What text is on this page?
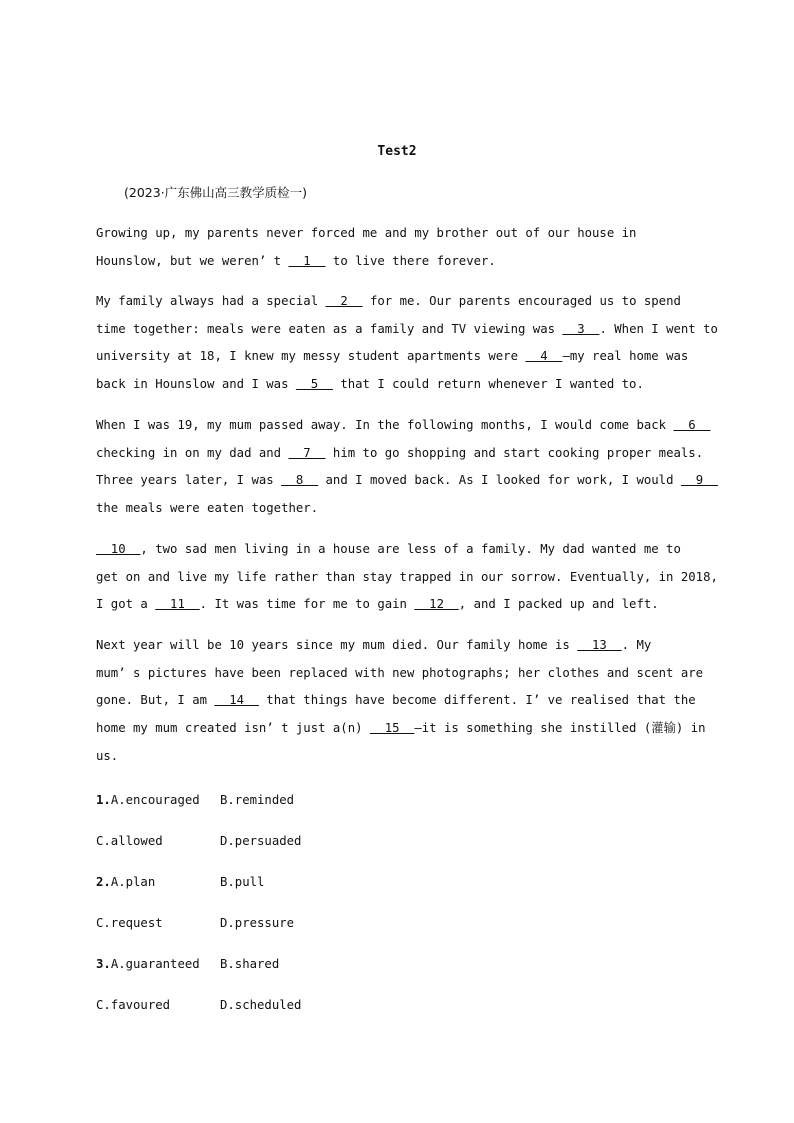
Test2
(2023·广东佛山高三教学质检一)
Growing up, my parents never forced me and my brother out of our house in
Hounslow, but we weren’ t   1   to live there forever.
My family always had a special   2   for me. Our parents encouraged us to spend
time together: meals were eaten as a family and TV viewing was   3  . When I went to
university at 18, I knew my messy student apartments were   4  —my real home was
back in Hounslow and I was   5   that I could return whenever I wanted to.
When I was 19, my mum passed away. In the following months, I would come back   6
checking in on my dad and   7   him to go shopping and start cooking proper meals.
Three years later, I was   8   and I moved back. As I looked for work, I would   9
the meals were eaten together.
10  , two sad men living in a house are less of a family. My dad wanted me to
get on and live my life rather than stay trapped in our sorrow. Eventually, in 2018,
I got a   11  . It was time for me to gain   12  , and I packed up and left.
Next year will be 10 years since my mum died. Our family home is   13  . My
mum’ s pictures have been replaced with new photographs; her clothes and scent are
gone. But, I am   14   that things have become different. I’ ve realised that the
home my mum created isn’ t just a(n)   15  —it is something she instilled (灌输) in
us.
1.A.encouraged B.reminded
C.allowed	D.persuaded
2.A.plan	B.pull
C.request	D.pressure
3.A.guaranteed B.shared
C.favoured	D.scheduled
